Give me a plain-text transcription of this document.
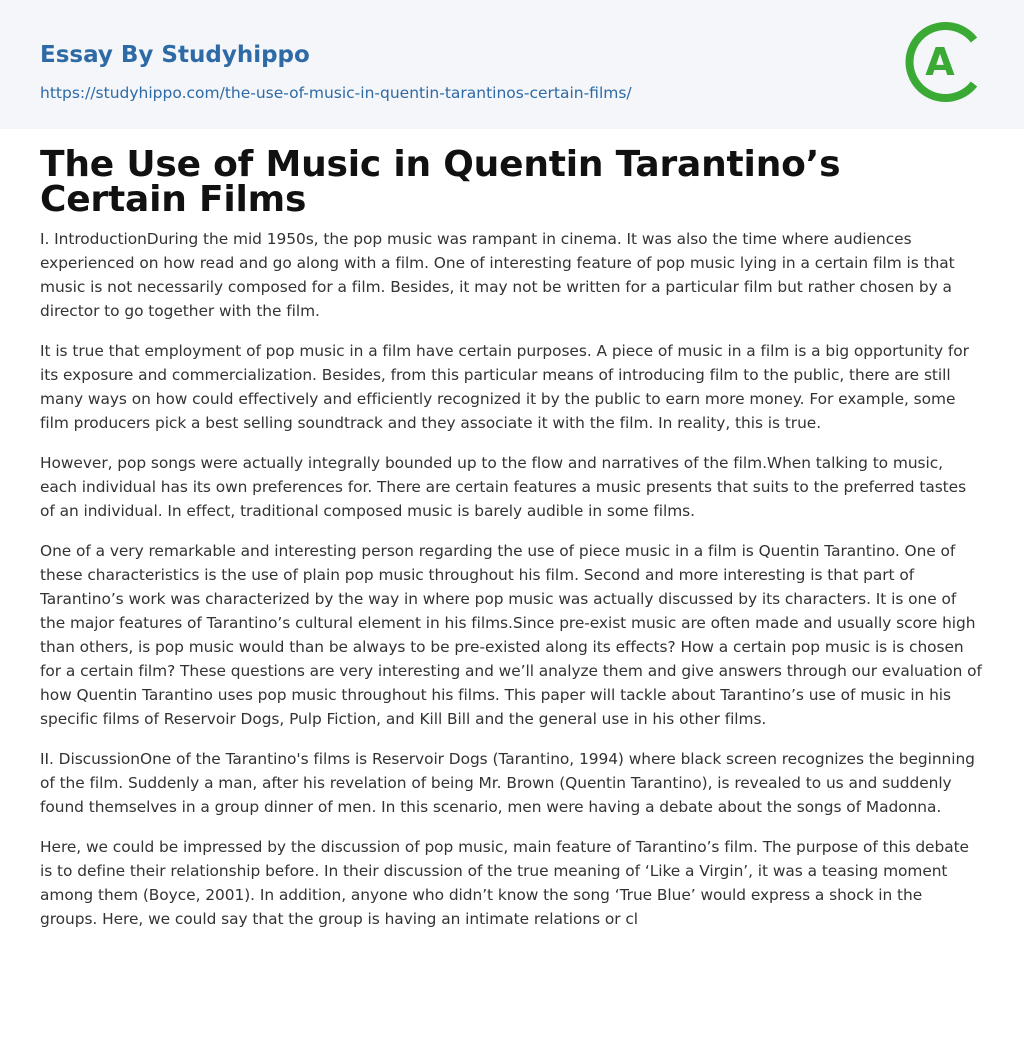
Essay By Studyhippo
https://studyhippo.com/the-use-of-music-in-quentin-tarantinos-certain-films/
A
The Use of Music in Quentin Tarantino’s Certain Films

I. IntroductionDuring the mid 1950s, the pop music was rampant in cinema. It was also the time where audiences experienced on how read and go along with a film. One of interesting feature of pop music lying in a certain film is that music is not necessarily composed for a film. Besides, it may not be written for a particular film but rather chosen by a director to go together with the film.

It is true that employment of pop music in a film have certain purposes. A piece of music in a film is a big opportunity for its exposure and commercialization. Besides, from this particular means of introducing film to the public, there are still many ways on how could effectively and efficiently recognized it by the public to earn more money. For example, some film producers pick a best selling soundtrack and they associate it with the film. In reality, this is true.

However, pop songs were actually integrally bounded up to the flow and narratives of the film.When talking to music, each individual has its own preferences for. There are certain features a music presents that suits to the preferred tastes of an individual. In effect, traditional composed music is barely audible in some films.

One of a very remarkable and interesting person regarding the use of piece music in a film is Quentin Tarantino. One of these characteristics is the use of plain pop music throughout his film. Second and more interesting is that part of Tarantino’s work was characterized by the way in where pop music was actually discussed by its characters. It is one of the major features of Tarantino’s cultural element in his films.Since pre-exist music are often made and usually score high than others, is pop music would than be always to be pre-existed along its effects? How a certain pop music is is chosen for a certain film? These questions are very interesting and we’ll analyze them and give answers through our evaluation of how Quentin Tarantino uses pop music throughout his films. This paper will tackle about Tarantino’s use of music in his specific films of Reservoir Dogs, Pulp Fiction, and Kill Bill and the general use in his other films.

II. DiscussionOne of the Tarantino's films is Reservoir Dogs (Tarantino, 1994) where black screen recognizes the beginning of the film. Suddenly a man, after his revelation of being Mr. Brown (Quentin Tarantino), is revealed to us and suddenly found themselves in a group dinner of men. In this scenario, men were having a debate about the songs of Madonna.

Here, we could be impressed by the discussion of pop music, main feature of Tarantino’s film. The purpose of this debate is to define their relationship before. In their discussion of the true meaning of ‘Like a Virgin’, it was a teasing moment among them (Boyce, 2001). In addition, anyone who didn’t know the song ‘True Blue’ would express a shock in the groups. Here, we could say that the group is having an intimate relations or cl
